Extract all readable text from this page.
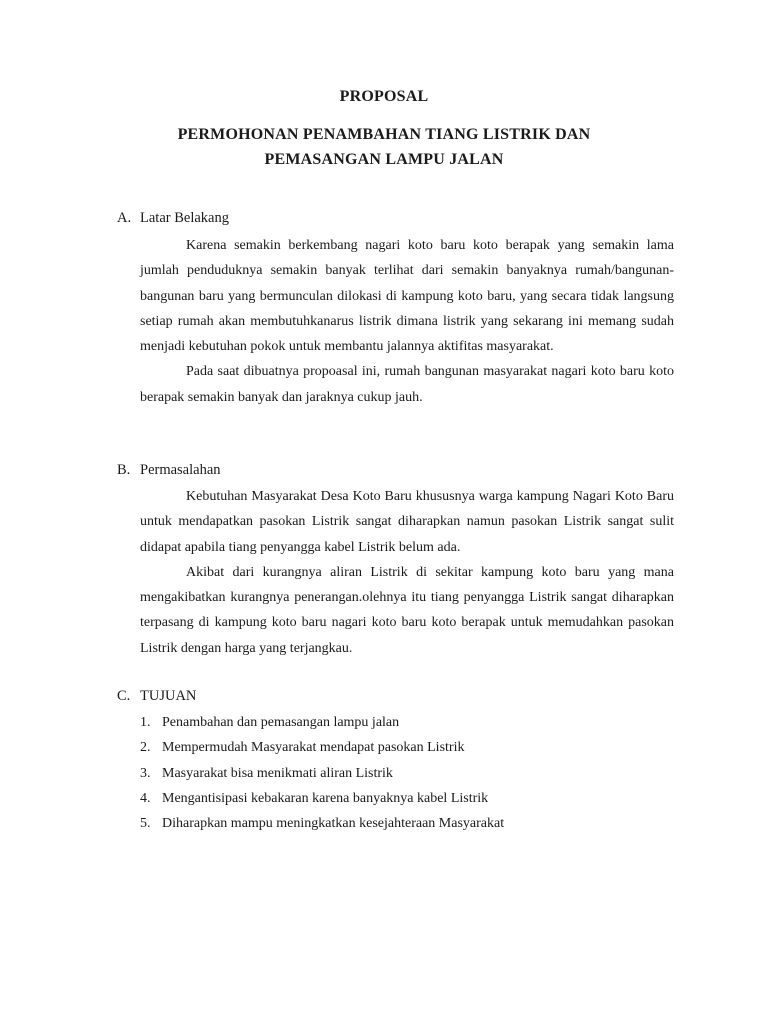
PROPOSAL
PERMOHONAN PENAMBAHAN TIANG LISTRIK DAN
PEMASANGAN LAMPU JALAN
A. Latar Belakang

Karena semakin berkembang nagari koto baru koto berapak yang semakin lama jumlah penduduknya semakin banyak terlihat dari semakin banyaknya rumah/bangunan-bangunan baru yang bermunculan dilokasi di kampung koto baru, yang secara tidak langsung setiap rumah akan membutuhkanarus listrik dimana listrik yang sekarang ini memang sudah menjadi kebutuhan pokok untuk membantu jalannya aktifitas masyarakat.

Pada saat dibuatnya propoasal ini, rumah bangunan masyarakat nagari koto baru koto berapak semakin banyak dan jaraknya cukup jauh.

B. Permasalahan

Kebutuhan Masyarakat Desa Koto Baru khususnya warga kampung Nagari Koto Baru untuk mendapatkan pasokan Listrik sangat diharapkan namun pasokan Listrik sangat sulit didapat apabila tiang penyangga kabel Listrik belum ada.

Akibat dari kurangnya aliran Listrik di sekitar kampung koto baru yang mana mengakibatkan kurangnya penerangan.olehnya itu tiang penyangga Listrik sangat diharapkan terpasang di kampung koto baru nagari koto baru koto berapak untuk memudahkan pasokan Listrik dengan harga yang terjangkau.

C. TUJUAN
1. Penambahan dan pemasangan lampu jalan
2. Mempermudah Masyarakat mendapat pasokan Listrik
3. Masyarakat bisa menikmati aliran Listrik
4. Mengantisipasi kebakaran karena banyaknya kabel Listrik
5. Diharapkan mampu meningkatkan kesejahteraan Masyarakat
